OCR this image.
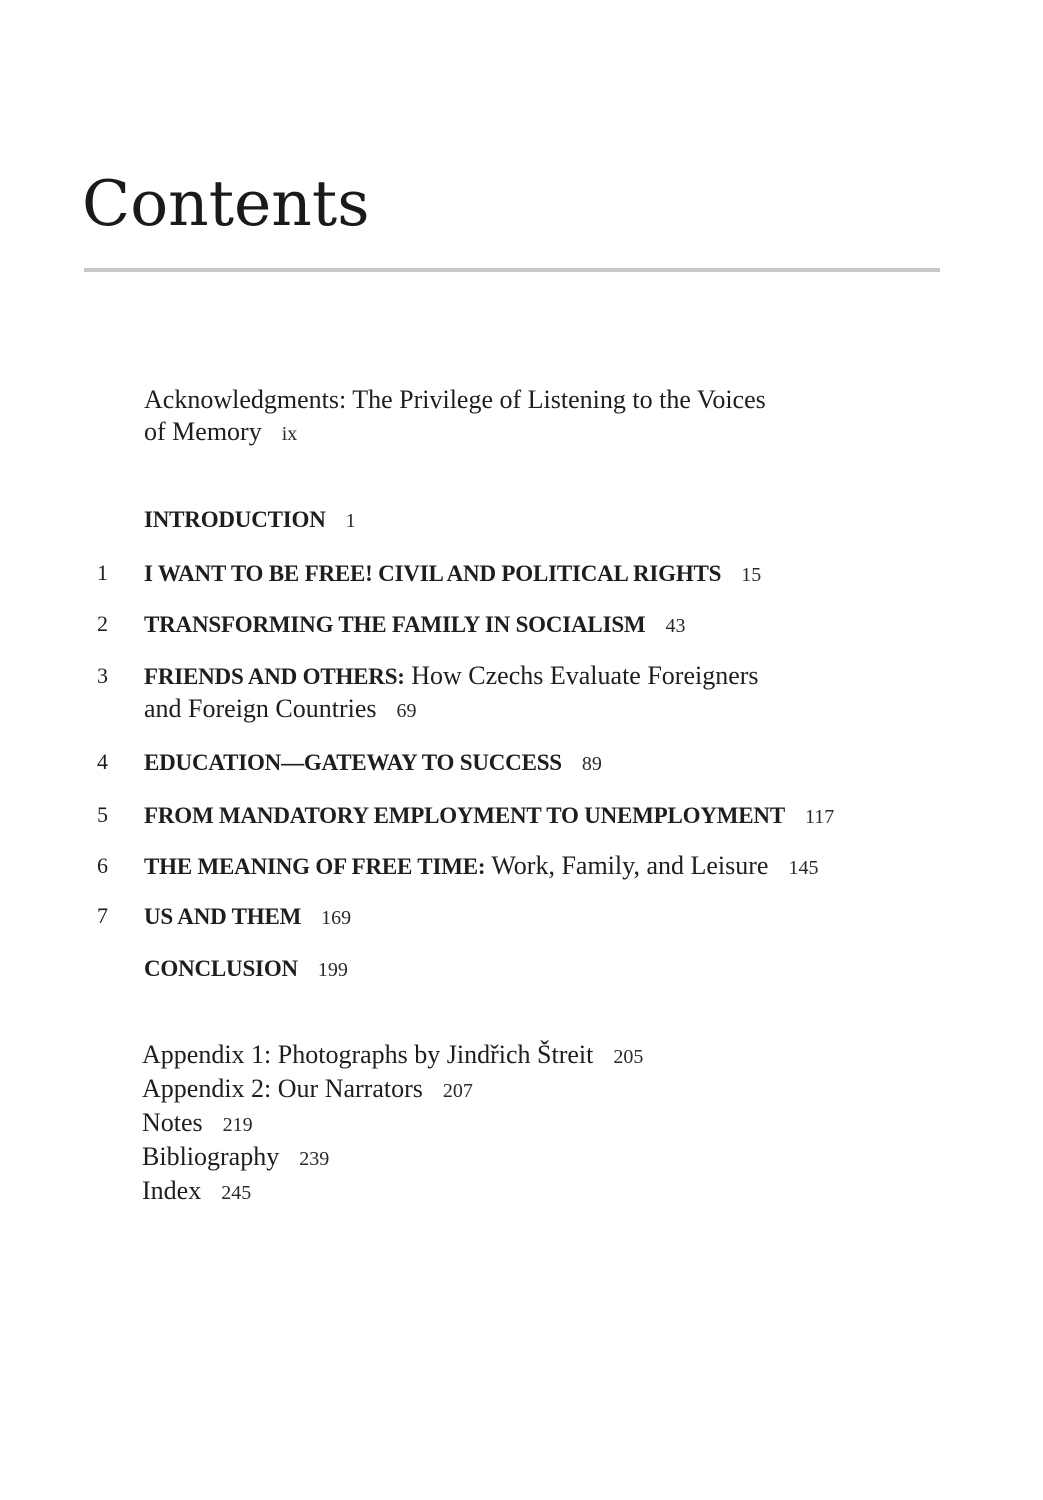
Contents
Acknowledgments: The Privilege of Listening to the Voices
of Memory ix
INTRODUCTION 1
1 I WANT TO BE FREE! CIVIL AND POLITICAL RIGHTS 15
2 TRANSFORMING THE FAMILY IN SOCIALISM 43
3 FRIENDS AND OTHERS: How Czechs Evaluate Foreigners
and Foreign Countries 69
4 EDUCATION—GATEWAY TO SUCCESS 89
5 FROM MANDATORY EMPLOYMENT TO UNEMPLOYMENT 117
6 THE MEANING OF FREE TIME: Work, Family, and Leisure 145
7 US AND THEM 169
CONCLUSION 199
Appendix 1: Photographs by Jindřich Štreit 205
Appendix 2: Our Narrators 207
Notes 219
Bibliography 239
Index 245
